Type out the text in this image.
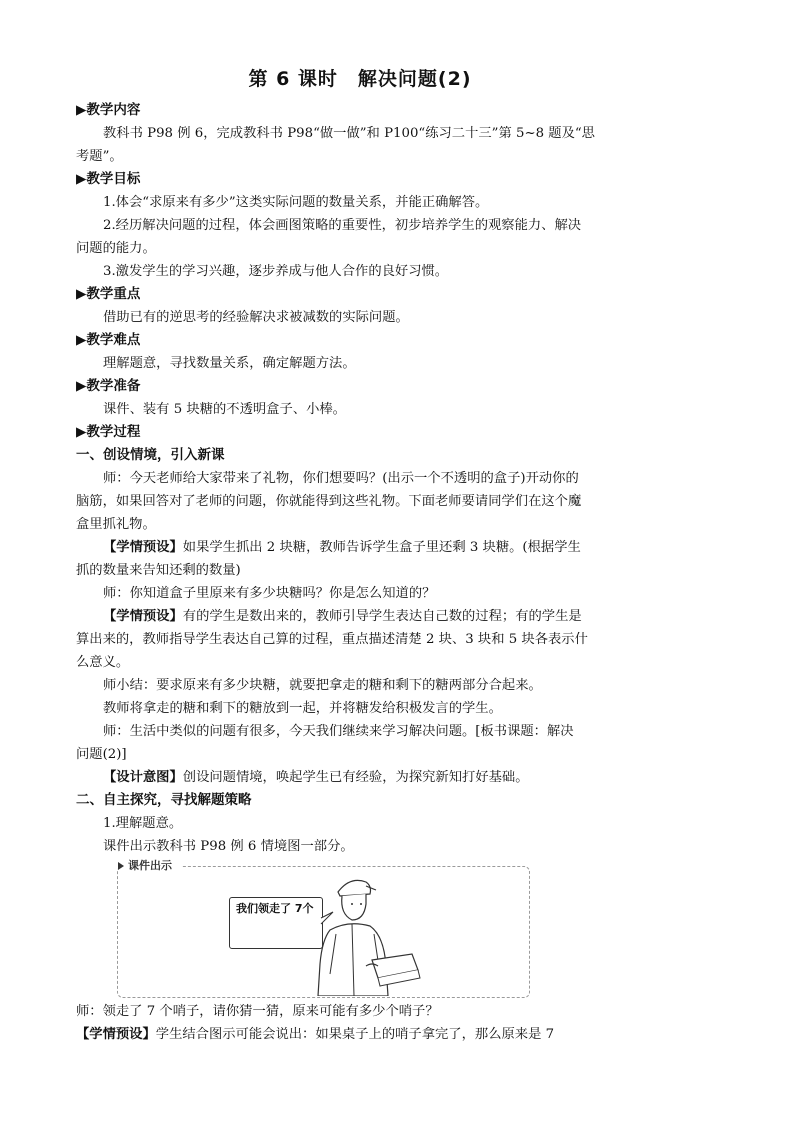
第 6 课时　解决问题(2)
▶教学内容
教科书 P98 例 6，完成教科书 P98“做一做”和 P100“练习二十三”第 5~8 题及“思
考题”。
▶教学目标
1.体会“求原来有多少”这类实际问题的数量关系，并能正确解答。
2.经历解决问题的过程，体会画图策略的重要性，初步培养学生的观察能力、解决
问题的能力。
3.激发学生的学习兴趣，逐步养成与他人合作的良好习惯。
▶教学重点
借助已有的逆思考的经验解决求被减数的实际问题。
▶教学难点
理解题意，寻找数量关系，确定解题方法。
▶教学准备
课件、装有 5 块糖的不透明盒子、小棒。
▶教学过程
一、创设情境，引入新课
师：今天老师给大家带来了礼物，你们想要吗？(出示一个不透明的盒子)开动你的
脑筋，如果回答对了老师的问题，你就能得到这些礼物。下面老师要请同学们在这个魔
盒里抓礼物。
【学情预设】如果学生抓出 2 块糖，教师告诉学生盒子里还剩 3 块糖。(根据学生
抓的数量来告知还剩的数量)
师：你知道盒子里原来有多少块糖吗？你是怎么知道的？
【学情预设】有的学生是数出来的，教师引导学生表达自己数的过程；有的学生是
算出来的，教师指导学生表达自己算的过程，重点描述清楚 2 块、3 块和 5 块各表示什
么意义。
师小结：要求原来有多少块糖，就要把拿走的糖和剩下的糖两部分合起来。
教师将拿走的糖和剩下的糖放到一起，并将糖发给积极发言的学生。
师：生活中类似的问题有很多，今天我们继续来学习解决问题。[板书课题：解决
问题(2)]
【设计意图】创设问题情境，唤起学生已有经验，为探究新知打好基础。
二、自主探究，寻找解题策略
1.理解题意。
课件出示教科书 P98 例 6 情境图一部分。
课件出示
我们领走了 7个
师：领走了 7 个哨子，请你猜一猜，原来可能有多少个哨子？
【学情预设】学生结合图示可能会说出：如果桌子上的哨子拿完了，那么原来是 7
